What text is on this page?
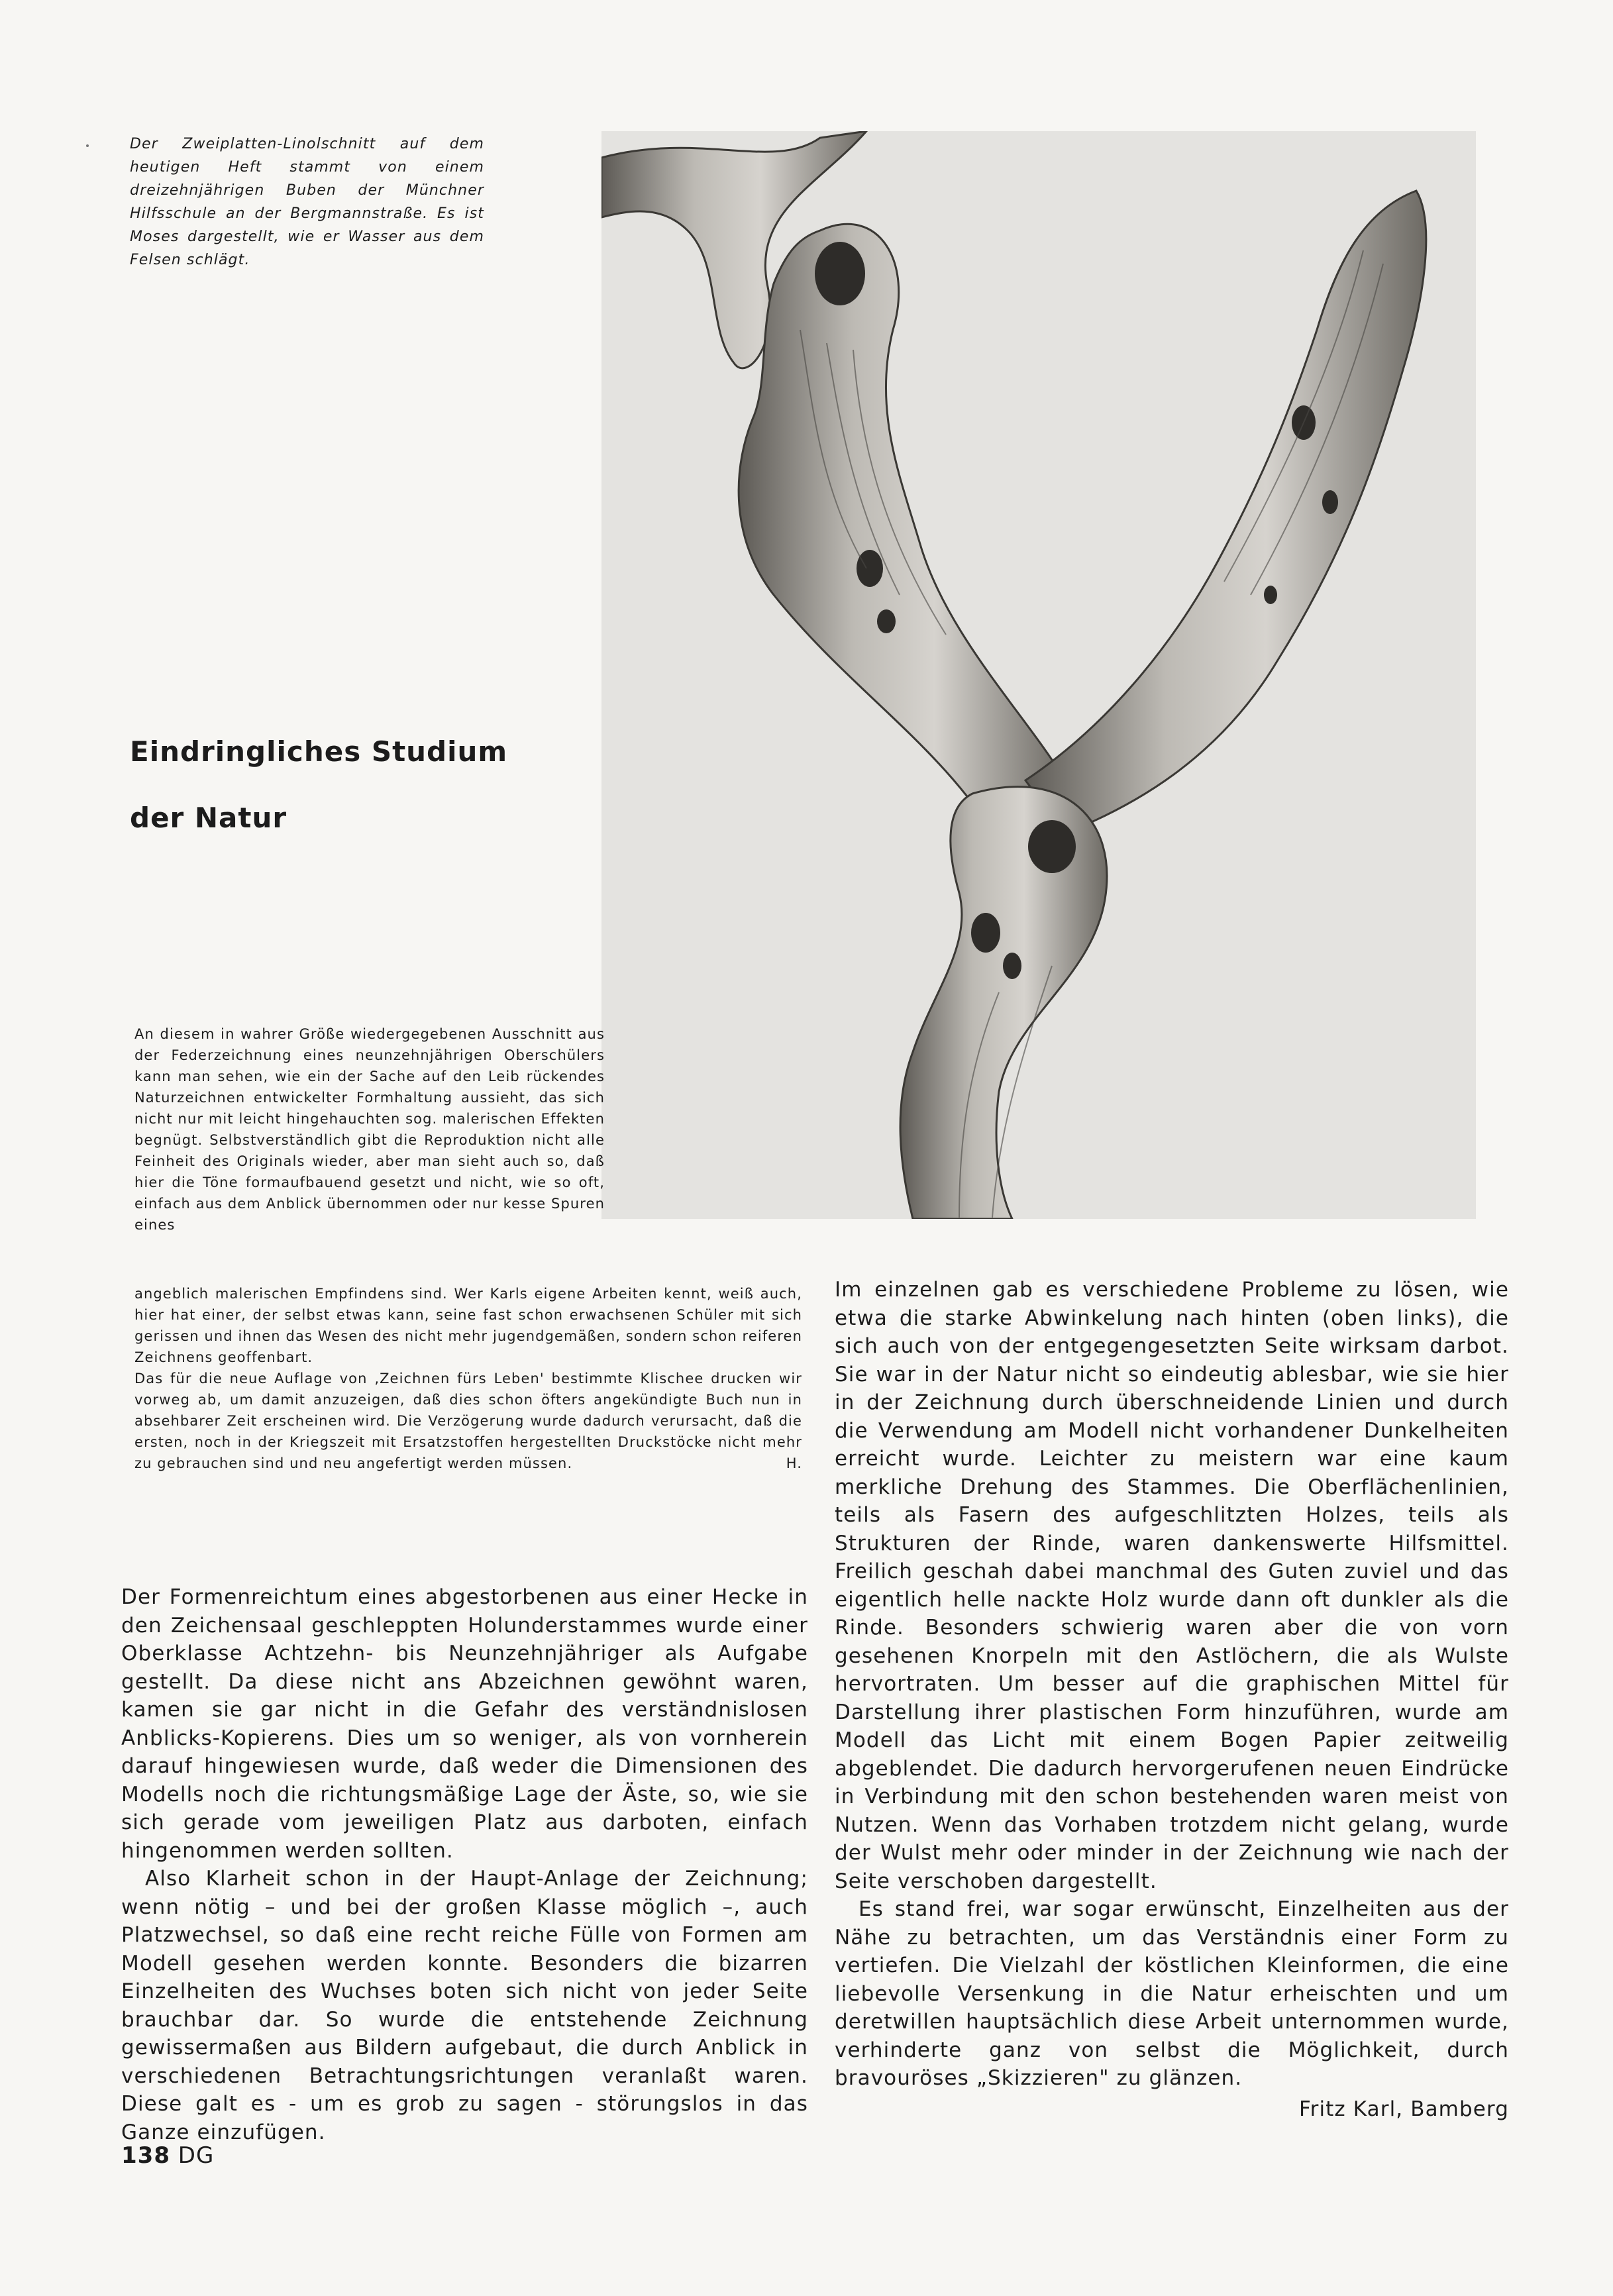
Der Zweiplatten-Linolschnitt auf dem heutigen Heft stammt von einem dreizehnjährigen Buben der Münchner Hilfsschule an der Bergmannstraße. Es ist Moses dargestellt, wie er Wasser aus dem Felsen schlägt.
Eindringliches Studium
der Natur

An diesem in wahrer Größe wiedergegebenen Ausschnitt aus der Federzeichnung eines neunzehnjährigen Oberschülers kann man sehen, wie ein der Sache auf den Leib rückendes Naturzeichnen entwickelter Formhaltung aussieht, das sich nicht nur mit leicht hingehauchten sog. malerischen Effekten begnügt. Selbstverständlich gibt die Reproduktion nicht alle Feinheit des Originals wieder, aber man sieht auch so, daß hier die Töne formaufbauend gesetzt und nicht, wie so oft, einfach aus dem Anblick übernommen oder nur kesse Spuren eines

angeblich malerischen Empfindens sind. Wer Karls eigene Arbeiten kennt, weiß auch, hier hat einer, der selbst etwas kann, seine fast schon erwachsenen Schüler mit sich gerissen und ihnen das Wesen des nicht mehr jugendgemäßen, sondern schon reiferen Zeichnens geoffenbart.

Das für die neue Auflage von ‚Zeichnen fürs Leben' bestimmte Klischee drucken wir vorweg ab, um damit anzuzeigen, daß dies schon öfters angekündigte Buch nun in absehbarer Zeit erscheinen wird. Die Verzögerung wurde dadurch verursacht, daß die ersten, noch in der Kriegszeit mit Ersatzstoffen hergestellten Druckstöcke nicht mehr zu gebrauchen sind und neu angefertigt werden müssen.	H.

Der Formenreichtum eines abgestorbenen aus einer Hecke in den Zeichensaal geschleppten Holunderstammes wurde einer Oberklasse Achtzehn- bis Neunzehnjähriger als Aufgabe gestellt. Da diese nicht ans Abzeichnen gewöhnt waren, kamen sie gar nicht in die Gefahr des verständnislosen Anblicks-Kopierens. Dies um so weniger, als von vornherein darauf hingewiesen wurde, daß weder die Dimensionen des Modells noch die richtungsmäßige Lage der Äste, so, wie sie sich gerade vom jeweiligen Platz aus darboten, einfach hingenommen werden sollten.

Also Klarheit schon in der Haupt-Anlage der Zeichnung; wenn nötig – und bei der großen Klasse möglich –, auch Platzwechsel, so daß eine recht reiche Fülle von Formen am Modell gesehen werden konnte. Besonders die bizarren Einzelheiten des Wuchses boten sich nicht von jeder Seite brauchbar dar. So wurde die entstehende Zeichnung gewissermaßen aus Bildern aufgebaut, die durch Anblick in verschiedenen Betrachtungsrichtungen veranlaßt waren. Diese galt es - um es grob zu sagen - störungslos in das Ganze einzufügen.

Im einzelnen gab es verschiedene Probleme zu lösen, wie etwa die starke Abwinkelung nach hinten (oben links), die sich auch von der entgegengesetzten Seite wirksam darbot. Sie war in der Natur nicht so eindeutig ablesbar, wie sie hier in der Zeichnung durch überschneidende Linien und durch die Verwendung am Modell nicht vorhandener Dunkelheiten erreicht wurde. Leichter zu meistern war eine kaum merkliche Drehung des Stammes. Die Oberflächenlinien, teils als Fasern des aufgeschlitzten Holzes, teils als Strukturen der Rinde, waren dankenswerte Hilfsmittel. Freilich geschah dabei manchmal des Guten zuviel und das eigentlich helle nackte Holz wurde dann oft dunkler als die Rinde. Besonders schwierig waren aber die von vorn gesehenen Knorpeln mit den Astlöchern, die als Wulste hervortraten. Um besser auf die graphischen Mittel für Darstellung ihrer plastischen Form hinzuführen, wurde am Modell das Licht mit einem Bogen Papier zeitweilig abgeblendet. Die dadurch hervorgerufenen neuen Eindrücke in Verbindung mit den schon bestehenden waren meist von Nutzen. Wenn das Vorhaben trotzdem nicht gelang, wurde der Wulst mehr oder minder in der Zeichnung wie nach der Seite verschoben dargestellt.

Es stand frei, war sogar erwünscht, Einzelheiten aus der Nähe zu betrachten, um das Verständnis einer Form zu vertiefen. Die Vielzahl der köstlichen Kleinformen, die eine liebevolle Versenkung in die Natur erheischten und um deretwillen hauptsächlich diese Arbeit unternommen wurde, verhinderte ganz von selbst die Möglichkeit, durch bravouröses „Skizzieren" zu glänzen.

Fritz Karl, Bamberg
138 DG
